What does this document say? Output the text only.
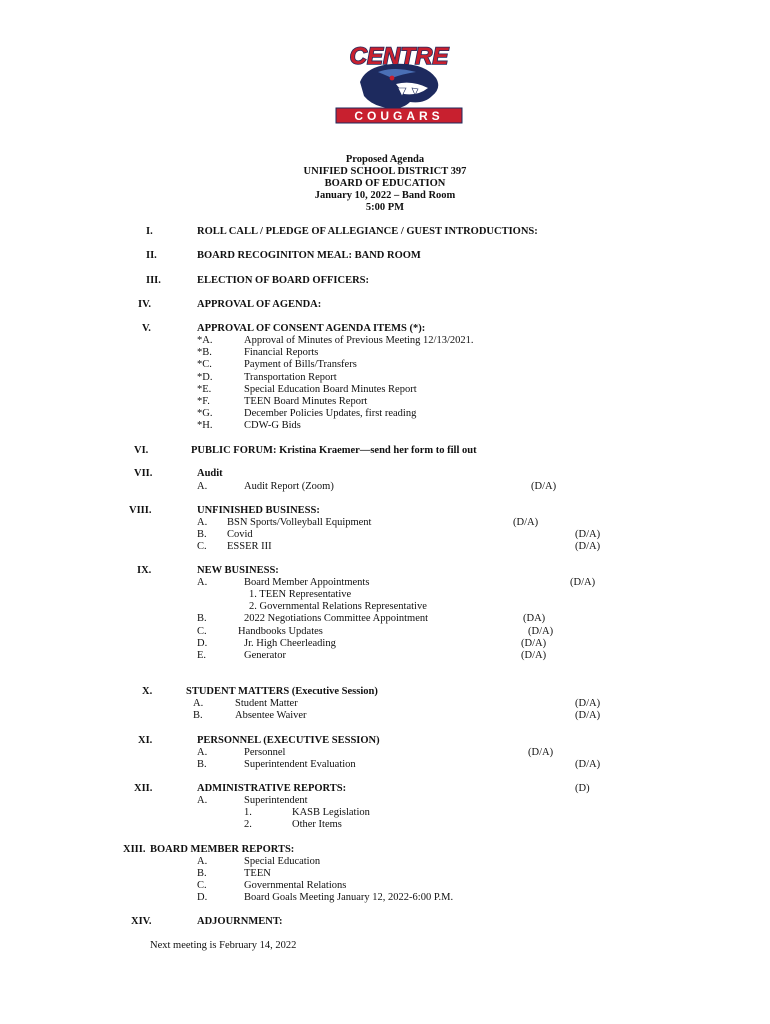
CENTRE
COUGARS
Proposed Agenda
UNIFIED SCHOOL DISTRICT 397
BOARD OF EDUCATION
January 10, 2022 – Band Room
5:00 PM
I.	ROLL CALL / PLEDGE OF ALLEGIANCE / GUEST INTRODUCTIONS:
II.	BOARD RECOGINITON MEAL: BAND ROOM
III.	ELECTION OF BOARD OFFICERS:
IV.	APPROVAL OF AGENDA:
V.	APPROVAL OF CONSENT AGENDA ITEMS (*):
*A.	Approval of Minutes of Previous Meeting 12/13/2021.
*B.	Financial Reports
*C.	Payment of Bills/Transfers
*D.	Transportation Report
*E.	Special Education Board Minutes Report
*F.	TEEN Board Minutes Report
*G.	December Policies Updates, first reading
*H.	CDW-G Bids
VI.	PUBLIC FORUM: Kristina Kraemer—send her form to fill out
VII.	Audit
A.	Audit Report (Zoom)	(D/A)
VIII.	UNFINISHED BUSINESS:
A. BSN Sports/Volleyball Equipment	(D/A)
B. Covid	(D/A)
C. ESSER III	(D/A)
IX.	NEW BUSINESS:
A.	Board Member Appointments	(D/A)
1. TEEN Representative
2. Governmental Relations Representative
B.	2022 Negotiations Committee Appointment	(DA)
C.	Handbooks Updates	(D/A)
D.	Jr. High Cheerleading	(D/A)
E.	Generator	(D/A)
X.	STUDENT MATTERS (Executive Session)
A.	Student Matter	(D/A)
B.	Absentee Waiver	(D/A)
XI.	PERSONNEL (EXECUTIVE SESSION)
A.	Personnel	(D/A)
B.	Superintendent Evaluation	(D/A)
XII.	ADMINISTRATIVE REPORTS:	(D)
A.	Superintendent
1.	KASB Legislation
2.	Other Items
XIII. BOARD MEMBER REPORTS:
A.	Special Education
B.	TEEN
C.	Governmental Relations
D.	Board Goals Meeting January 12, 2022-6:00 P.M.
XIV.	ADJOURNMENT:
Next meeting is February 14, 2022
